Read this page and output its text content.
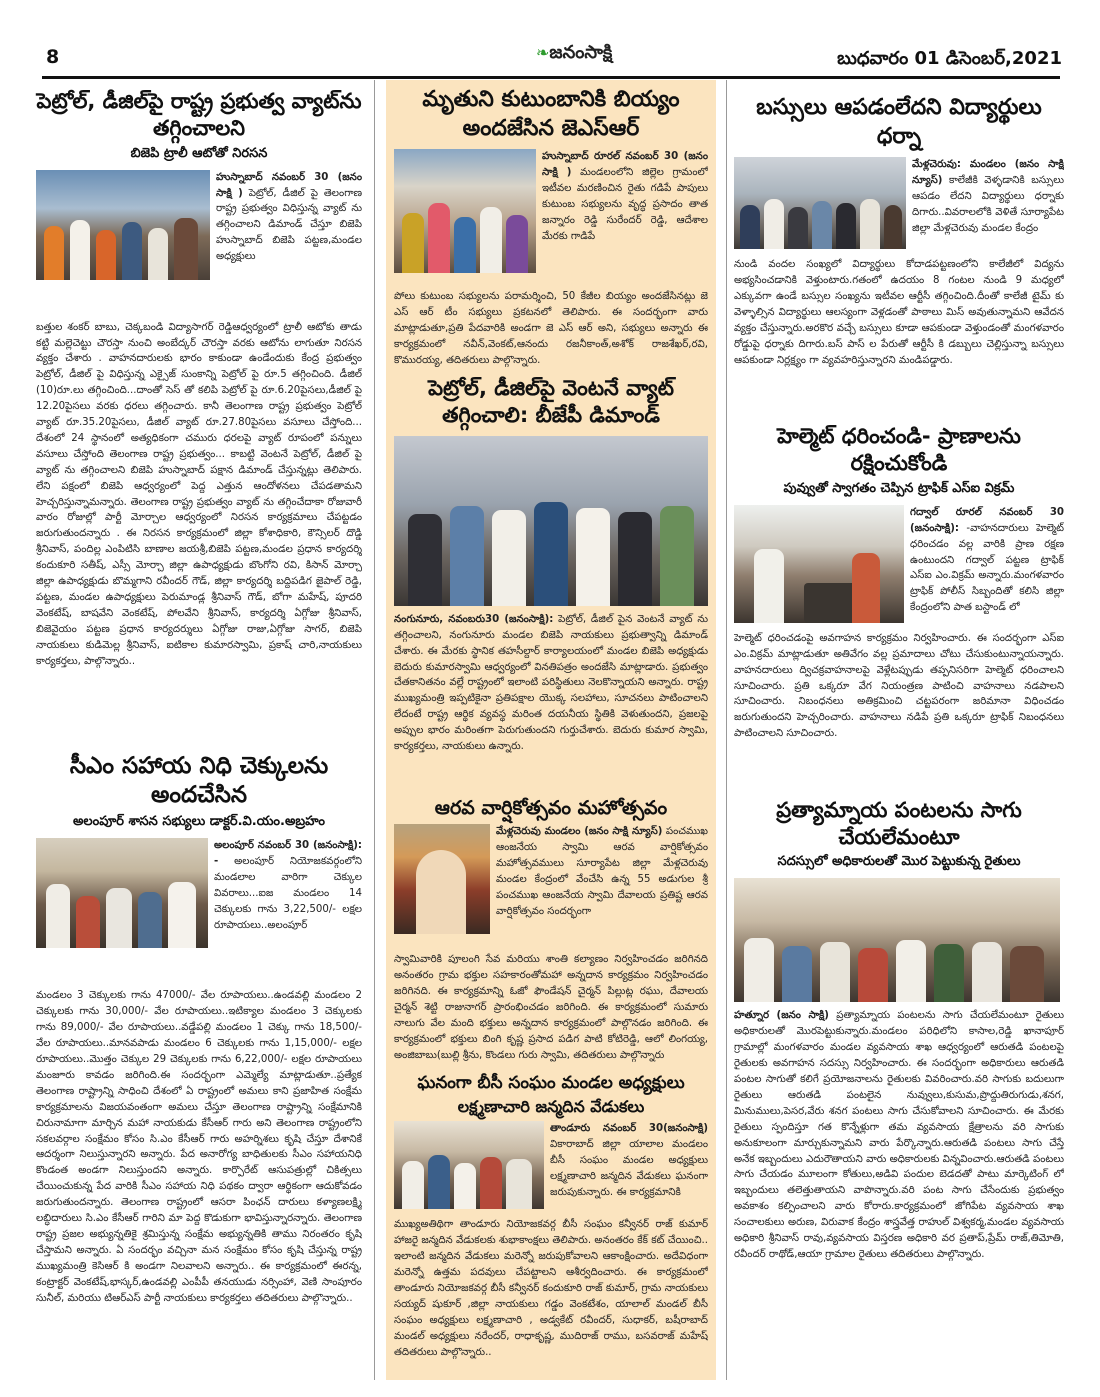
8	❧జనంసాక్షి	బుధవారం 01 డిసెంబర్,2021
పెట్రోల్, డీజిల్‌పై రాష్ట్ర ప్రభుత్వ వ్యాట్‌ను తగ్గించాలని
బిజెపి ట్రాలీ ఆటోతో నిరసన

హుస్నాబాద్ నవంబర్ 30 (జనం సాక్షి ) పెట్రోల్, డీజిల్ పై తెలంగాణ రాష్ట్ర ప్రభుత్వం విధిస్తున్న వ్యాట్ ను తగ్గించాలని డిమాండ్ చేస్తూ బిజెపి హుస్నాబాద్ బిజెపి పట్టణ,మండల అధ్యక్షులు

బత్తుల శంకర్ బాబు, చెక్కబండి విద్యాసాగర్ రెడ్డిఆధ్వర్యంలో ట్రాలీ ఆటోకు తాడు కట్టి మల్లెచెట్టు చౌరస్తా నుంచి అంబేద్కర్ చౌరస్తా వరకు ఆటోను లాగుతూ నిరసన వ్యక్తం చేశారు . వాహనదారులకు భారం కాకుండా ఉండేందుకు కేంద్ర ప్రభుత్వం పెట్రోల్, డీజిల్ పై విధిస్తున్న ఎక్సైజ్ సుంకాన్ని పెట్రోల్ పై రూ.5 తగ్గించింది. డీజిల్ (10)రూ.లు తగ్గించింది...దాంతో సెస్ తో కలిపి పెట్రోల్ పై రూ.6.20పైసలు,డీజిల్ పై 12.20పైసలు వరకు ధరలు తగ్గించారు. కానీ తెలంగాణ రాష్ట్ర ప్రభుత్వం పెట్రోల్ వ్యాట్ రూ.35.20పైసలు, డీజిల్ వ్యాట్ రూ.27.80పైసలు వసూలు చేస్తోంది... దేశంలో 24 స్థానంలో అత్యధికంగా చమురు ధరలపై వ్యాట్ రూపంలో పన్నులు వసూలు చేస్తోంది తెలంగాణ రాష్ట్ర ప్రభుత్వం... కాబట్టి వెంటనే పెట్రోల్, డీజిల్ పై వ్యాట్ ను తగ్గించాలని బిజెపి హుస్నాబాద్ పక్షాన డిమాండ్ చేస్తున్నట్లు తెలిపారు. లేని పక్షంలో బిజెపి ఆధ్వర్యంలో పెద్ద ఎత్తున ఆందోళనలు చేపడతామని హెచ్చరిస్తున్నామన్నారు. తెలంగాణ రాష్ట్ర ప్రభుత్వం వ్యాట్ ను తగ్గించేదాకా రోజువారీ వారం రోజుల్లో పార్టీ మోర్చాల ఆధ్వర్యంలో నిరసన కార్యక్రమాలు చేపట్టడం జరుగుతుందన్నారు . ఈ నిరసన కార్యక్రమంలో జిల్లా కోశాధికారి, కౌన్సిలర్ దొడ్డి శ్రీనివాస్, పందిల్ల ఎంపిటిసి బాణాల జయశ్రీ,బిజెపి పట్టణ,మండల ప్రధాన కార్యదర్శి కందుకూరి సతీష్, ఎస్సీ మోర్చా జిల్లా ఉపాధ్యక్షుడు బొంగోని రవి, కిసాన్ మోర్చా జిల్లా ఉపాధ్యక్షుడు బొమ్మగాని రవీందర్ గౌడ్, జిల్లా కార్యదర్శి బద్దిపడిగ జైపాల్ రెడ్డి, పట్టణ, మండల ఉపాధ్యక్షులు పెరుమాండ్ల శ్రీనివాస్ గౌడ్, బోగా మహేష్, పూదరి వెంకటేష్, బాషవేని వెంకటేష్, పోలవేని శ్రీనివాస్, కార్యదర్శి ఏగ్గోజు శ్రీనివాస్, బిజెవైయం పట్టణ ప్రధాన కార్యదర్శులు ఏగ్గోజు రాజు,ఏగ్గోజు సాగర్, బిజెపి నాయకులు కుడిమెల్ల శ్రీనివాస్, ఐటికాల కుమారస్వామి, ప్రకాష్ చారి,నాయకులు కార్యకర్తలు, పాల్గొన్నారు..

సీఎం సహాయ నిధి చెక్కులను అందచేసిన
అలంపూర్ శాసన సభ్యులు డాక్టర్.వి.యం.అబ్రహం

అలంపూర్ నవంబర్ 30 (జనంసాక్షి): - అలంపూర్ నియోజకవర్గంలోని మండలాల వారిగా చెక్కుల వివరాలు...ఐజ మండలం 14 చెక్కులకు గాను 3,22,500/- లక్షల రూపాయలు..అలంపూర్

మండలం 3 చెక్కులకు గాను 47000/- వేల రూపాయలు..ఉండవల్లి మండలం 2 చెక్కులకు గాను 30,000/- వేల రూపాయలు..ఇటిక్యాల మండలం 3 చెక్కులకు గాను 89,000/- వేల రూపాయలు..వడ్డేపల్లి మండలం 1 చెక్కు గాను 18,500/- వేల రూపాయలు..మానవపాడు మండలం 6 చెక్కులకు గాను 1,15,000/- లక్షల రూపాయలు..మొత్తం చెక్కుల 29 చెక్కులకు గాను 6,22,000/- లక్షల రూపాయలు మంజూరు కావడం జరిగింది.ఈ సందర్భంగా ఎమ్మెల్యే మాట్లాడుతూ..ప్రత్యేక తెలంగాణ రాష్ట్రాన్ని సాధించి దేశంలో ఏ రాష్ట్రంలో అమలు కాని ప్రజాహిత సంక్షేమ కార్యక్రమాలను విజయవంతంగా అమలు చేస్తూ తెలంగాణ రాష్ట్రాన్ని సంక్షేమానికి చిరునామాగా మార్చిన మహా నాయకుడు కేసీఆర్ గారు అని తెలంగాణ రాష్ట్రంలోని సకలవర్గాల సంక్షేమం కోసం సి.ఎం కేసీఆర్ గారు అహర్నిశలు కృషి చేస్తూ దేశానికే ఆదర్శంగా నిలుస్తున్నారని అన్నారు. పేద అనారోగ్య బాధితులకు సీఎం సహాయనిధి కొండంత అండగా నిలుస్తుందని అన్నారు. కార్పొరేట్ ఆసుపత్రుల్లో చికిత్సలు చేయించుకున్న పేద వారికి సీఎం సహాయ నిధి పథకం ద్వారా ఆర్థికంగా ఆదుకోవడం జరుగుతుందన్నారు. తెలంగాణ రాష్ట్రంలో ఆసరా పింఛన్ దారులు కళ్యాణలక్ష్మి లబ్ధిదారులు సి.ఎం కేసీఆర్ గారిని మా పెద్ద కొడుకుగా భావిస్తున్నారన్నారు. తెలంగాణ రాష్ట్ర ప్రజల అభ్యున్నతికై శ్రమిస్తున్న సంక్షేమ అభ్యున్నతికి తాము నిరంతరం కృషి చేస్తామని అన్నారు. ఏ సందర్భం వచ్చినా మన సంక్షేమం కోసం కృషి చేస్తున్న రాష్ట్ర ముఖ్యమంత్రి కెసిఆర్ కి అండగా నిలవాలని అన్నారు.. ఈ కార్యక్రమంలో ఈరన్న, కంట్రాక్టర్ వెంకటేష్,భాస్కర్,ఉండవల్లి ఎంపీపీ తనయుడు నర్సింహా, వెణి సాంపూరం సునీల్, మరియు టిఆర్ఎస్ పార్టీ నాయకులు కార్యకర్తలు తదితరులు పాల్గొన్నారు..

మృతుని కుటుంబానికి బియ్యం అందజేసిన జెఎస్ఆర్

హుస్నాబాద్ రూరల్ నవంబర్ 30 (జనం సాక్షి ) మండలంలోని జిల్లెల గ్రామంలో ఇటీవల మరణించిన రైతు గడిపే పాపులు కుటుంబ సభ్యులను వృద్ధ ప్రసాదం తాత జన్నారం రెడ్డి సురేందర్ రెడ్డి, ఆదేశాల మేరకు గాడిపే

పోలు కుటుంబ సభ్యులను పరామర్శించి, 50 కేజీల బియ్యం అందజేసినట్లు జె ఎస్ ఆర్ టీం సభ్యులు ప్రకటనలో తెలిపారు. ఈ సందర్భంగా వారు మాట్లాడుతూ,ప్రతి పేదవారికి అండగా జె ఎస్ ఆర్ అని, సభ్యులు అన్నారు ఈ కార్యక్రమంలో నవీన్,వెంకట్,ఆనందు రజనీకాంత్,అశోక్ రాజశేఖర్,రవి, కొమురయ్య, తదితరులు పాల్గొన్నారు.

పెట్రోల్, డీజిల్‌పై వెంటనే వ్యాట్ తగ్గించాలి: బీజేపీ డిమాండ్

నంగునూరు, నవంబరు30 (జనంసాక్షి): పెట్రోల్, డీజిల్ పైన వెంటనే వ్యాట్ ను తగ్గించాలని, నంగునూరు మండల బిజెపి నాయకులు ప్రభుత్వాన్ని డిమాండ్ చేశారు. ఈ మేరకు స్థానిక తహసీల్దార్ కార్యాలయంలో మండల బిజెపి అధ్యక్షుడు బెదురు కుమారస్వామి ఆధ్వర్యంలో వినతిపత్రం అందజేసి మాట్లాడారు. ప్రభుత్వం చేతకానితనం వల్లే రాష్ట్రంలో ఇలాంటి పరిస్థితులు నెలకొన్నాయని అన్నారు. రాష్ట్ర ముఖ్యమంత్రి ఇప్పటికైనా ప్రతిపక్షాల యొక్క సలహాలు, సూచనలు పాటించాలని లేదంటే రాష్ట్ర ఆర్థిక వ్యవస్థ మరింత దయనీయ స్థితికి వెళుతుందని, ప్రజలపై అప్పుల భారం మరింతగా పెరుగుతుందని గుర్తుచేశారు. బెదురు కుమార స్వామి, కార్యకర్తలు, నాయకులు ఉన్నారు.

ఆరవ వార్షికోత్సవం మహోత్సవం

మేళ్లచెరువు మండలం (జనం సాక్షి న్యూస్) పంచముఖ ఆంజనేయ స్వామి ఆరవ వార్షికోత్సవం మహోత్సవములు సూర్యాపేట జిల్లా మేళ్లచెరువు మండల కేంద్రంలో వేంచేసి ఉన్న 55 అడుగుల శ్రీ పంచముఖ ఆంజనేయ స్వామి దేవాలయ ప్రతిష్ట ఆరవ వార్షికోత్సవం సందర్భంగా

స్వామివారికి పూలంగి సేవ మరియు శాంతి కల్యాణం నిర్వహించడం జరిగినది అనంతరం గ్రామ భక్తుల సహకారంతోమహా అన్నదాన కార్యక్రమం నిర్వహించడం జరిగినది. ఈ కార్యక్రమాన్ని ఓజో ఫౌండేషన్ చైర్మన్ పిల్లుట్ల రఘు, దేవాలయ చైర్మన్ శెట్టి రాజునాగర్ ప్రారంభించడం జరిగింది. ఈ కార్యక్రమంలో సుమారు నాలుగు వేల మంది భక్తులు అన్నదాన కార్యక్రమంలో పాల్గొనడం జరిగింది. ఈ కార్యక్రమంలో భక్తులు బింగి కృష్ణ ప్రసాద పడిగ పాటి కోటిరెడ్డి, ఆలో లింగయ్య, అంజిబాబు(బుల్లి శ్రీను, కొండలు గురు స్వామి, తదితరులు పాల్గొన్నారు

ఘనంగా బీసీ సంఘం మండల అధ్యక్షులు
లక్ష్మణాచారి జన్మదిన వేడుకలు

తాండూరు నవంబర్ 30(జనంసాక్షి) వికారాబాద్ జిల్లా యాలాల మండలం బీసీ సంఘం మండల అధ్యక్షులు లక్ష్మణాచారి జన్మదిన వేడుకలు ఘనంగా జరుపుకున్నారు. ఈ కార్యక్రమానికి

ముఖ్యఅతిథిగా తాండూరు నియోజకవర్గ బీసీ సంఘం కన్వీనర్ రాజ్ కుమార్ హాజరై జన్మదిన వేడుకలకు శుభాకాంక్షలు తెలిపారు. అనంతరం కేక్ కట్ చేయించి.. ఇలాంటి జన్మదిన వేడుకలు మరెన్నో జరుపుకోవాలని ఆకాంక్షించారు. అదేవిధంగా మరెన్నో ఉత్తమ పదవులు చేపట్టాలని ఆశీర్వదించారు. ఈ కార్యక్రమంలో తాండూరు నియోజకవర్గ బీసీ కన్వీనర్ కందుకూరి రాజ్ కుమార్, గ్రామ నాయకులు సయ్యద్ షుకూర్ ,జిల్లా నాయకులు గడ్డం వెంకటేశం, యాలాల్ మండల్ బీసీ సంఘం అధ్యక్షులు లక్ష్మణాచారి , అడ్వకేట్ రవీందర్, సుధాకర్, బషీరాబాద్ మండల్ అధ్యక్షులు నరేందర్, రాధాకృష్ణ, ముదిరాజ్ రాము, బసవరాజ్ మహేష్ తదితరులు పాల్గొన్నారు..

బస్సులు ఆపడంలేదని విద్యార్థులు ధర్నా

మేళ్లచెరువు: మండలం (జనం సాక్షి న్యూస్) కాలేజీకి వెళ్ళడానికి బస్సులు ఆపడం లేదని విద్యార్థులు ధర్నాకు దిగారు..వివరాలలోకి వెళితే సూర్యాపేట జిల్లా మేళ్లచెరువు మండల కేంద్రం

నుండి వందల సంఖ్యలో విద్యార్థులు కోదాడపట్టణంలోని కాలేజీలో విద్యను అభ్యసించడానికి వెళ్తుంటారు.గతంలో ఉదయం 8 గంటల నుండి 9 మధ్యలో ఎక్కువగా ఉండే బస్సుల సంఖ్యను ఇటీవల ఆర్టీసీ తగ్గించింది.దీంతో కాలేజీ టైమ్ కు వెళ్ళాల్సిన విద్యార్థులు ఆలస్యంగా వెళ్లడంతో పాఠాలు మిస్ అవుతున్నామని ఆవేదన వ్యక్తం చేస్తున్నారు.అరకొర వచ్చే బస్సులు కూడా ఆపకుండా వెళ్తుండంతో మంగళవారం రోడ్డుపై ధర్నాకు దిగారు.బస్ పాస్ ల పేరుతో ఆర్టీసీ కి డబ్బులు చెల్లిస్తున్నా బస్సులు ఆపకుండా నిర్లక్ష్యం గా వ్యవహరిస్తున్నారని మండిపడ్డారు.

హెల్మెట్ ధరించండి- ప్రాణాలను రక్షించుకోండి
పువ్వుతో స్వాగతం చెప్పిన ట్రాఫిక్ ఎస్ఐ విక్రమ్

గద్వాల్ రూరల్ నవంబర్ 30 (జనంసాక్షి): -వాహనదారులు హెల్మెట్ ధరించడం వల్ల వారికి ప్రాణ రక్షణ ఉంటుందని గద్వాల్ పట్టణ ట్రాఫిక్ ఎస్ఐ ఎం.విక్రమ్ అన్నారు.మంగళవారం ట్రాఫిక్ పోలీస్ సిబ్బందితో కలిసి జిల్లా కేంద్రంలోని పాత బస్టాండ్ లో

హెల్మెట్ ధరించడంపై అవగాహన కార్యక్రమం నిర్వహించారు. ఈ సందర్భంగా ఎస్ఐ ఎం.విక్రమ్ మాట్లాడుతూ అతివేగం వల్ల ప్రమాదాలు చోటు చేసుకుంటున్నాయన్నారు. వాహనదారులు ద్విచక్రవాహనాలపై వెళ్లేటప్పుడు తప్పనిసరిగా హెల్మెట్ ధరించాలని సూచించారు. ప్రతి ఒక్కరూ వేగ నియంత్రణ పాటించి వాహనాలు నడపాలని సూచించారు. నిబంధనలు అతిక్రమించి చట్టపరంగా జరిమానా విధించడం జరుగుతుందని హెచ్చరించారు. వాహనాలు నడిపే ప్రతి ఒక్కరూ ట్రాఫిక్ నిబంధనలు పాటించాలని సూచించారు.

ప్రత్యామ్నాయ పంటలను సాగు చేయలేమంటూ
సదస్సులో అధికారులతో మొర పెట్టుకున్న రైతులు

హత్నూర (జనం సాక్షి) ప్రత్యామ్నాయ పంటలను సాగు చేయలేమంటూ రైతులు అధికారులతో మొరపెట్టుకున్నారు.మండలం పరిధిలోని కాసాల,రెడ్డి ఖానాపూర్ గ్రామాల్లో మంగళవారం మండల వ్యవసాయ శాఖ ఆధ్వర్యంలో ఆరుతడి పంటలపై రైతులకు అవగాహన సదస్సు నిర్వహించారు. ఈ సందర్భంగా అధికారులు ఆరుతడి పంటల సాగుతో కలిగే ప్రయోజనాలను రైతులకు వివరించారు.వరి సాగుకు బదులుగా రైతులు ఆరుతడి పంటలైన నువ్వులు,కుసుమ,ప్రొద్దుతిరుగుడు,శనగ, మినుములు,పెసర,వేరు శనగ పంటలు సాగు చేసుకోవాలని సూచించారు. ఈ మేరకు రైతులు స్పందిస్తూ గత కొన్నేళ్లుగా తమ వ్యవసాయ క్షేత్రాలను వరి సాగుకు అనుకూలంగా మార్చుకున్నామని వారు పేర్కొన్నారు.ఆరుతడి పంటలు సాగు చేస్తే అనేక ఇబ్బందులు ఎదురౌతాయని వారు అధికారులకు విన్నవించారు.ఆరుతడి పంటలు సాగు చేయడం మూలంగా కోతులు,అడివి పందుల బెడదతో పాటు మార్కెటింగ్ లో ఇబ్బందులు తలెత్తుతాయని వాపొన్నారు.వరి పంట సాగు చేసేందుకు ప్రభుత్వం అవకాశం కల్పించాలని వారు కోరారు.కార్యక్రమంలో జోగిపేట వ్యవసాయ శాఖ సంచాలకులు అరుణ, విరువాక కేంద్రం శాస్త్రవేత్త రాహుల్ విశ్వకర్మ,మండల వ్యవసాయ అధికారి శ్రీనివాస్ రావు,వ్యవసాయ విస్తరణ అధికారి వర ప్రతాప్,ప్రేమ్ రాజ్,తిమోతి, రవీందర్ రాథోడ్,ఆయా గ్రామాల రైతులు తదితరులు పాల్గొన్నారు.
